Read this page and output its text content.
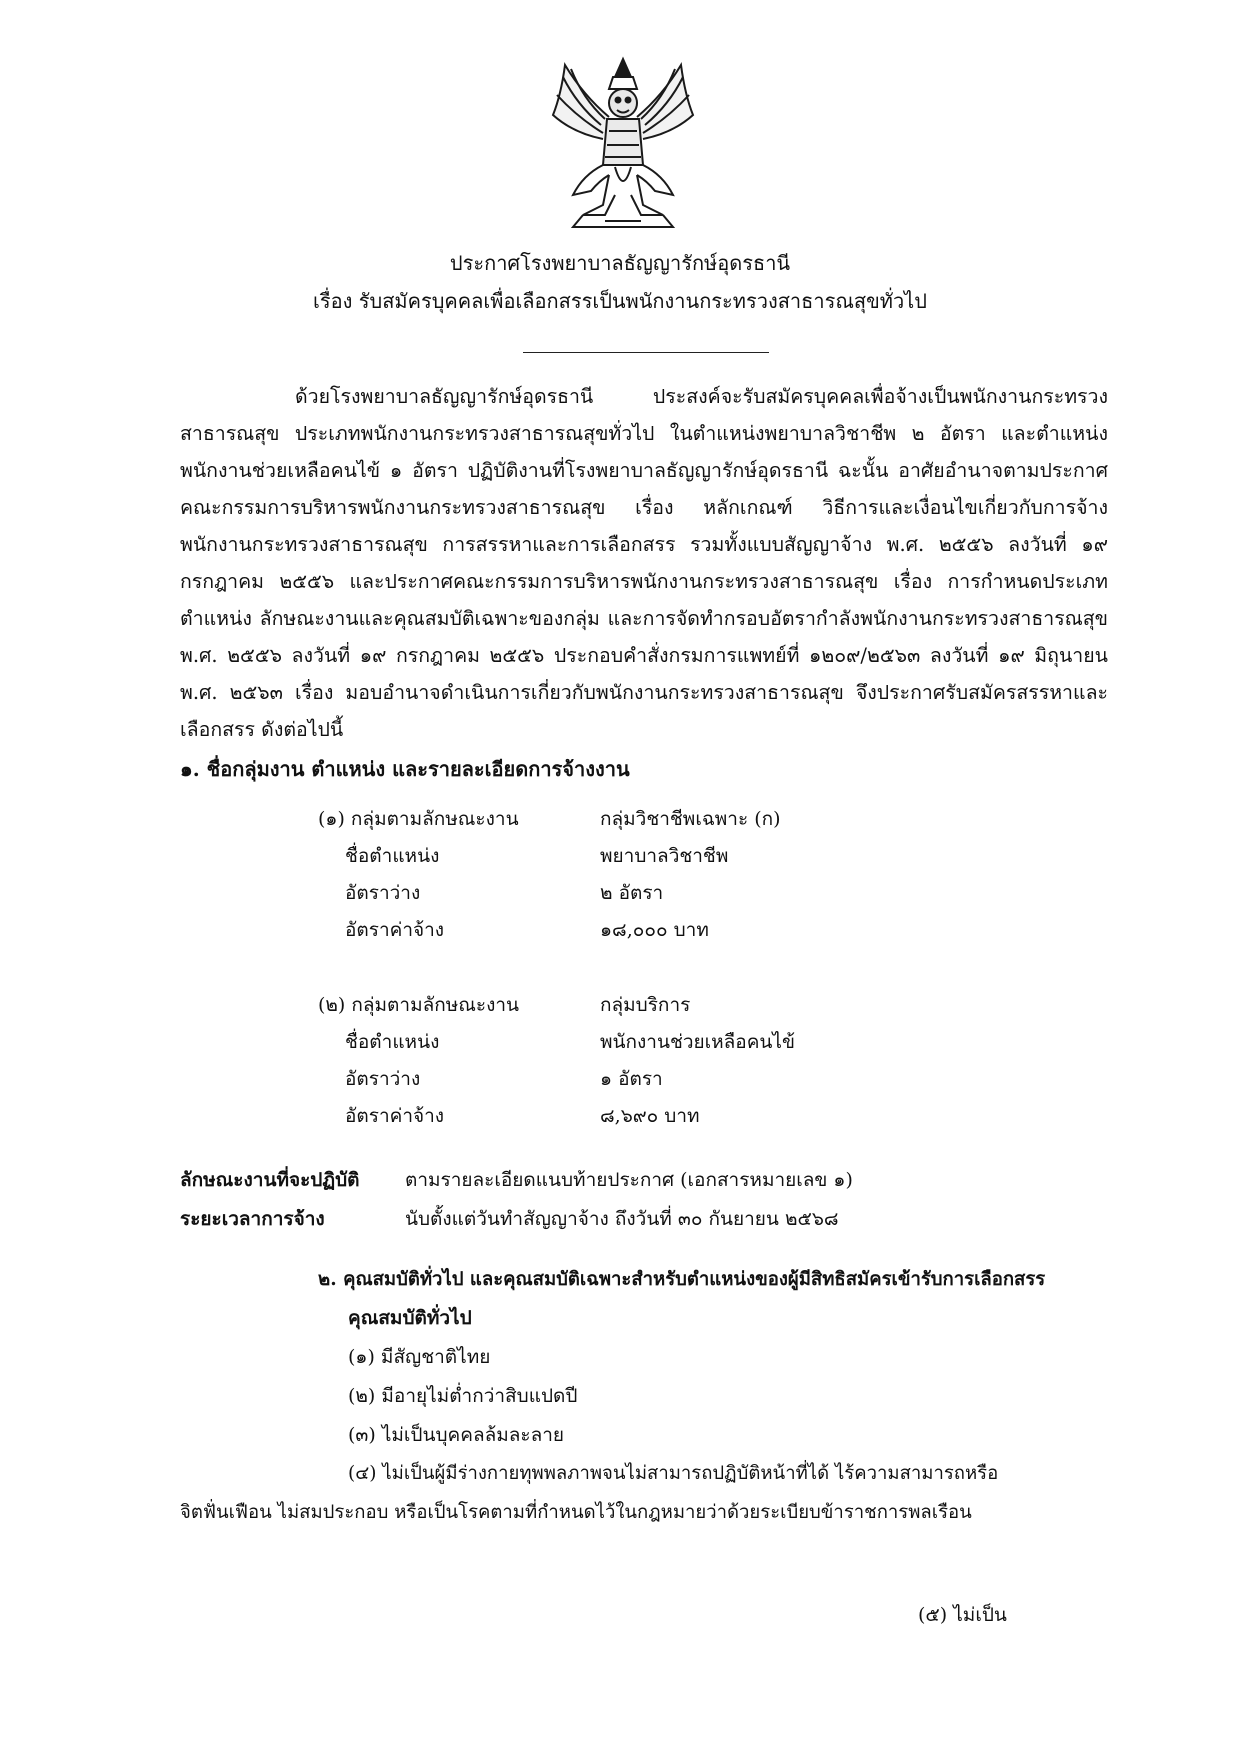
ประกาศโรงพยาบาลธัญญารักษ์อุดรธานี
เรื่อง รับสมัครบุคคลเพื่อเลือกสรรเป็นพนักงานกระทรวงสาธารณสุขทั่วไป
ด้วยโรงพยาบาลธัญญารักษ์อุดรธานี ประสงค์จะรับสมัครบุคคลเพื่อจ้างเป็นพนักงานกระทรวงสาธารณสุข ประเภทพนักงานกระทรวงสาธารณสุขทั่วไป ในตำแหน่งพยาบาลวิชาชีพ ๒ อัตรา และตำแหน่งพนักงานช่วยเหลือคนไข้ ๑ อัตรา ปฏิบัติงานที่โรงพยาบาลธัญญารักษ์อุดรธานี ฉะนั้น อาศัยอำนาจตามประกาศ คณะกรรมการบริหารพนักงานกระทรวงสาธารณสุข เรื่อง หลักเกณฑ์ วิธีการและเงื่อนไขเกี่ยวกับการจ้างพนักงานกระทรวงสาธารณสุข การสรรหาและการเลือกสรร รวมทั้งแบบสัญญาจ้าง พ.ศ. ๒๕๕๖ ลงวันที่ ๑๙ กรกฎาคม ๒๕๕๖ และประกาศคณะกรรมการบริหารพนักงานกระทรวงสาธารณสุข เรื่อง การกำหนดประเภทตำแหน่ง ลักษณะงานและคุณสมบัติเฉพาะของกลุ่ม และการจัดทำกรอบอัตรากำลังพนักงานกระทรวงสาธารณสุข พ.ศ. ๒๕๕๖ ลงวันที่ ๑๙ กรกฎาคม ๒๕๕๖ ประกอบคำสั่งกรมการแพทย์ที่ ๑๒๐๙/๒๕๖๓ ลงวันที่ ๑๙ มิถุนายน พ.ศ. ๒๕๖๓ เรื่อง มอบอำนาจดำเนินการเกี่ยวกับพนักงานกระทรวงสาธารณสุข จึงประกาศรับสมัครสรรหาและเลือกสรร ดังต่อไปนี้
๑. ชื่อกลุ่มงาน ตำแหน่ง และรายละเอียดการจ้างงาน
(๑) กลุ่มตามลักษณะงาน	กลุ่มวิชาชีพเฉพาะ (ก)
ชื่อตำแหน่ง	พยาบาลวิชาชีพ
อัตราว่าง	๒ อัตรา
อัตราค่าจ้าง	๑๘,๐๐๐ บาท
(๒) กลุ่มตามลักษณะงาน	กลุ่มบริการ
ชื่อตำแหน่ง	พนักงานช่วยเหลือคนไข้
อัตราว่าง	๑ อัตรา
อัตราค่าจ้าง	๘,๖๙๐ บาท
ลักษณะงานที่จะปฏิบัติ ตามรายละเอียดแนบท้ายประกาศ (เอกสารหมายเลข ๑)
ระยะเวลาการจ้าง	นับตั้งแต่วันทำสัญญาจ้าง ถึงวันที่ ๓๐ กันยายน ๒๕๖๘
๒. คุณสมบัติทั่วไป และคุณสมบัติเฉพาะสำหรับตำแหน่งของผู้มีสิทธิสมัครเข้ารับการเลือกสรร
คุณสมบัติทั่วไป
(๑) มีสัญชาติไทย
(๒) มีอายุไม่ต่ำกว่าสิบแปดปี
(๓) ไม่เป็นบุคคลล้มละลาย
(๔) ไม่เป็นผู้มีร่างกายทุพพลภาพจนไม่สามารถปฏิบัติหน้าที่ได้ ไร้ความสามารถหรือ
จิตฟั่นเฟือน ไม่สมประกอบ หรือเป็นโรคตามที่กำหนดไว้ในกฎหมายว่าด้วยระเบียบข้าราชการพลเรือน
(๕) ไม่เป็น
